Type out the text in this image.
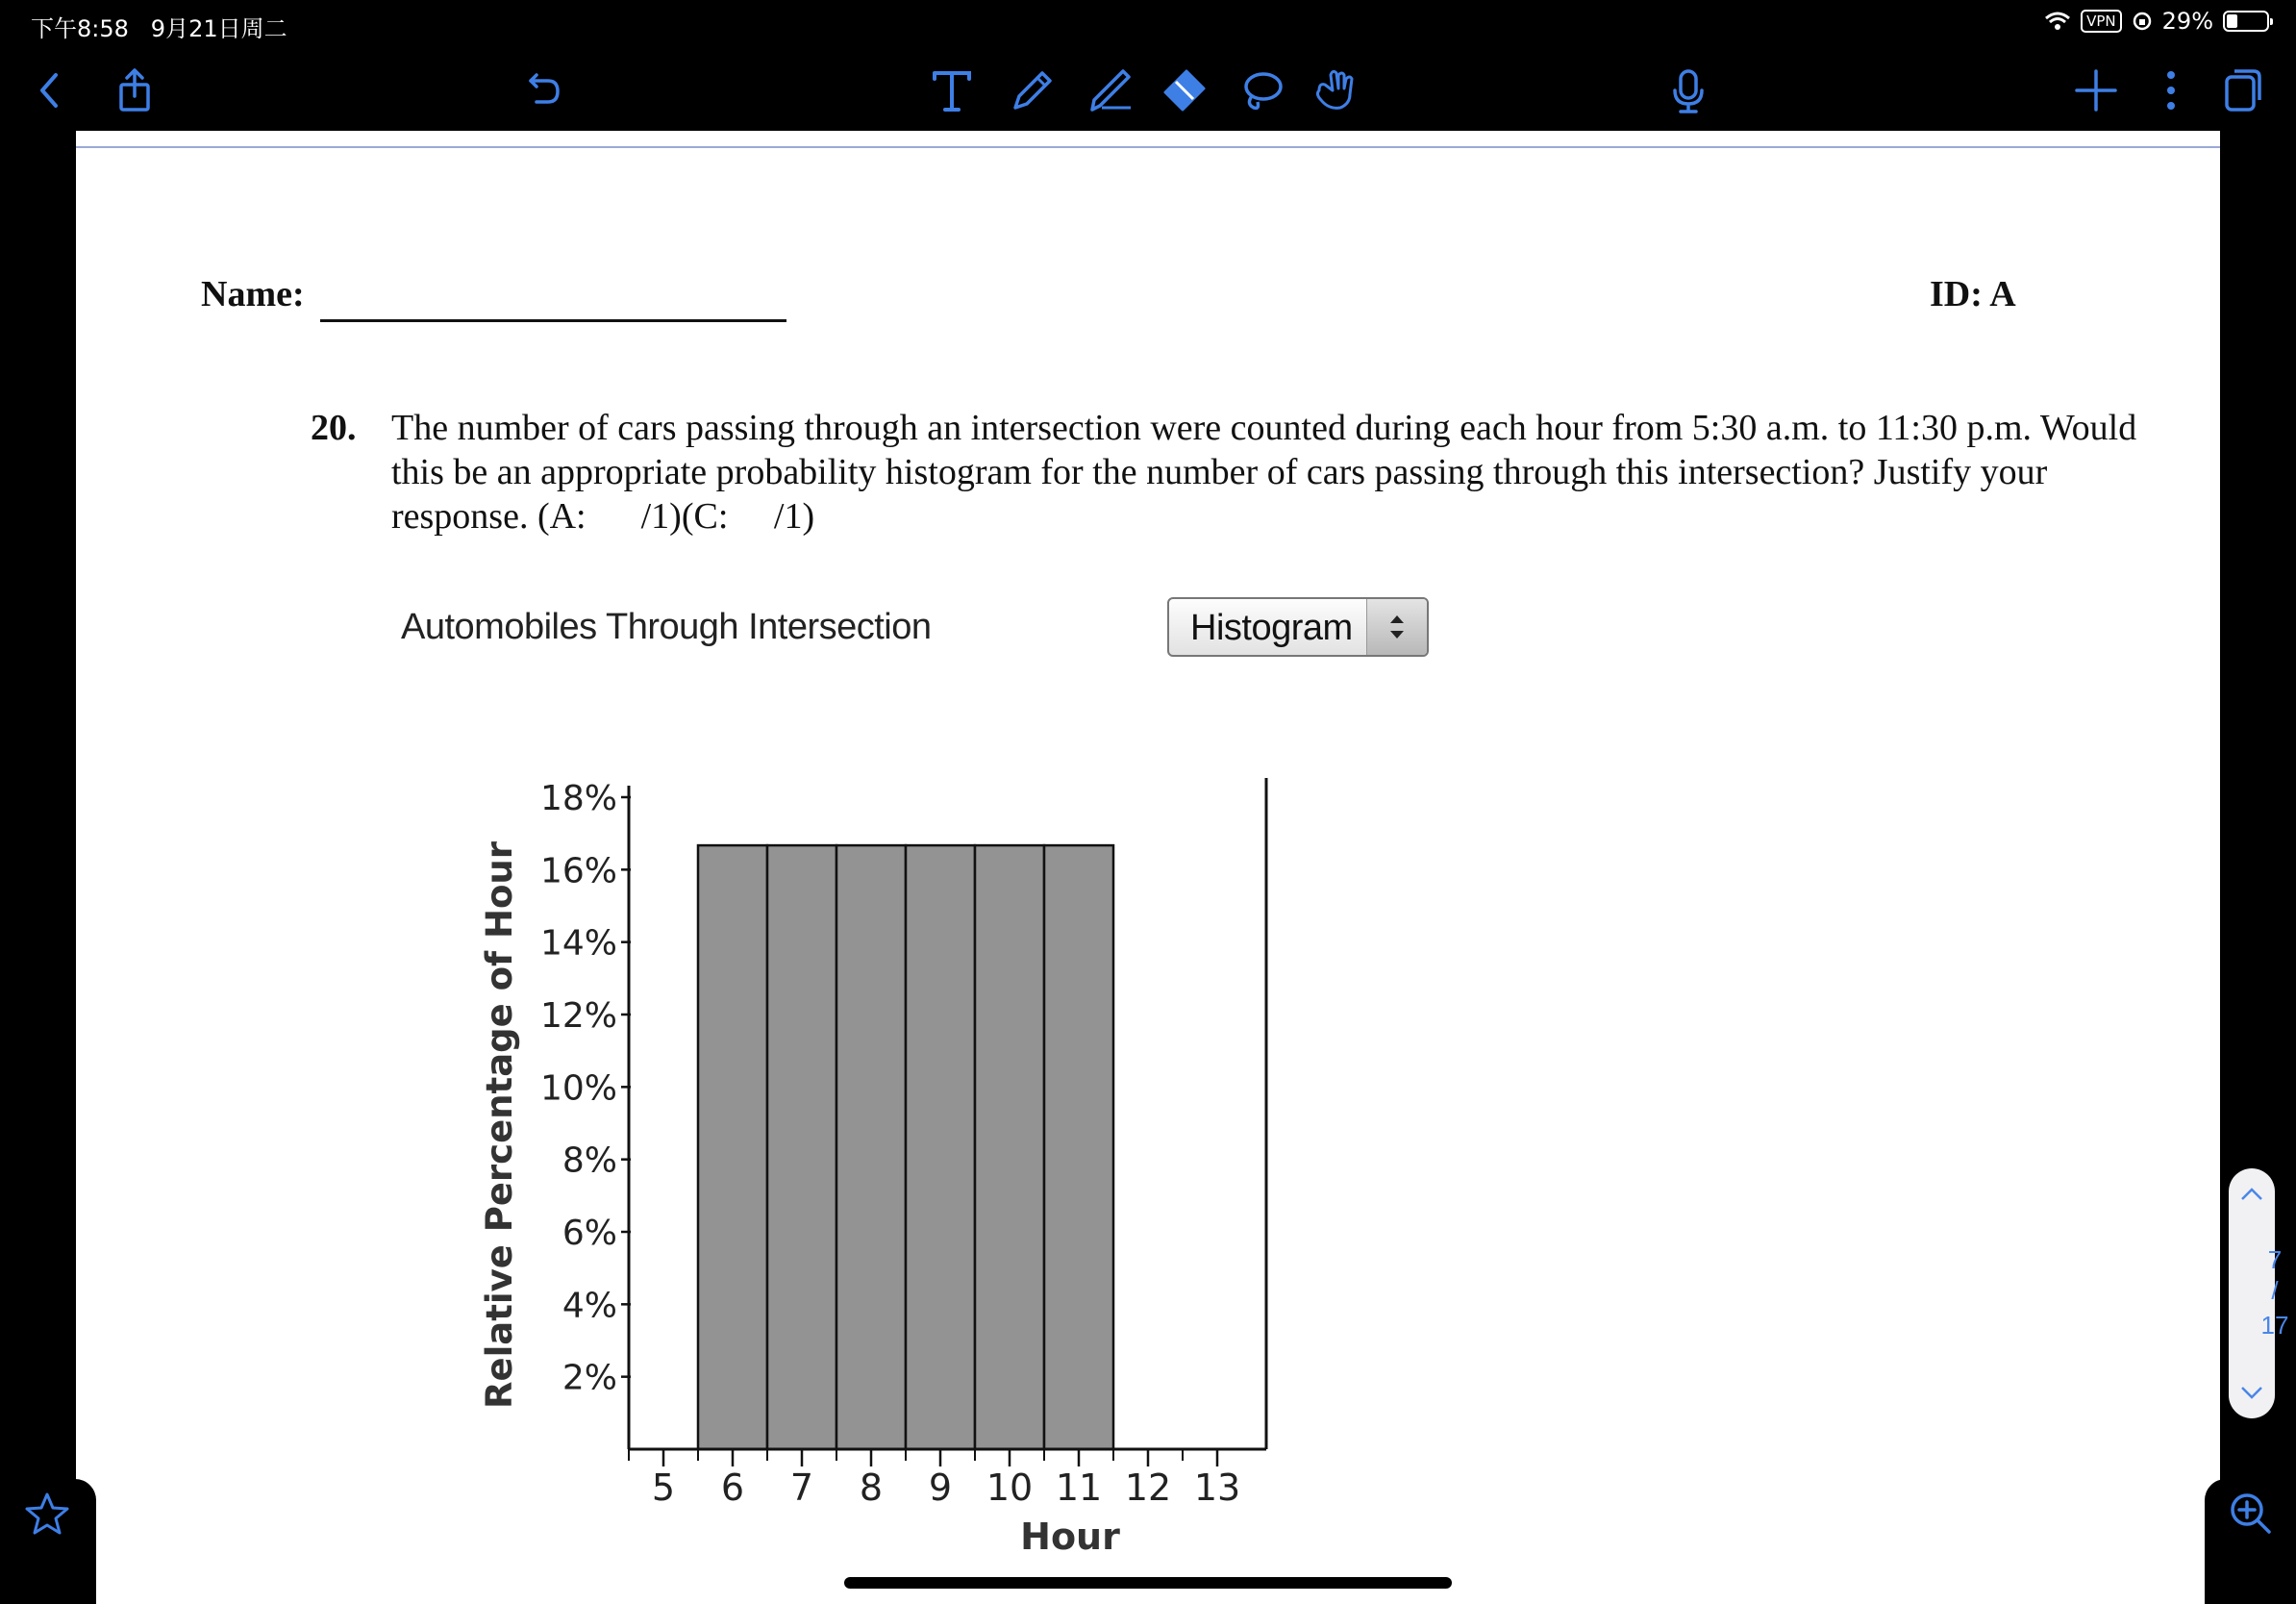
下午8:58 9月21日周二	VPN 29%
Name:	ID: A
20. The number of cars passing through an intersection were counted during each hour from 5:30 a.m. to 11:30 p.m. Would this be an appropriate probability histogram for the number of cars passing through this intersection? Justify your response. (A:      /1)(C:     /1)
Automobiles Through Intersection	Histogram
2%
4%
6%
8%
10%
12%
14%
16%
18%
5 6 7 8 9 10 11 12 13
Relative Percentage of Hour
Hour
7
/
17
